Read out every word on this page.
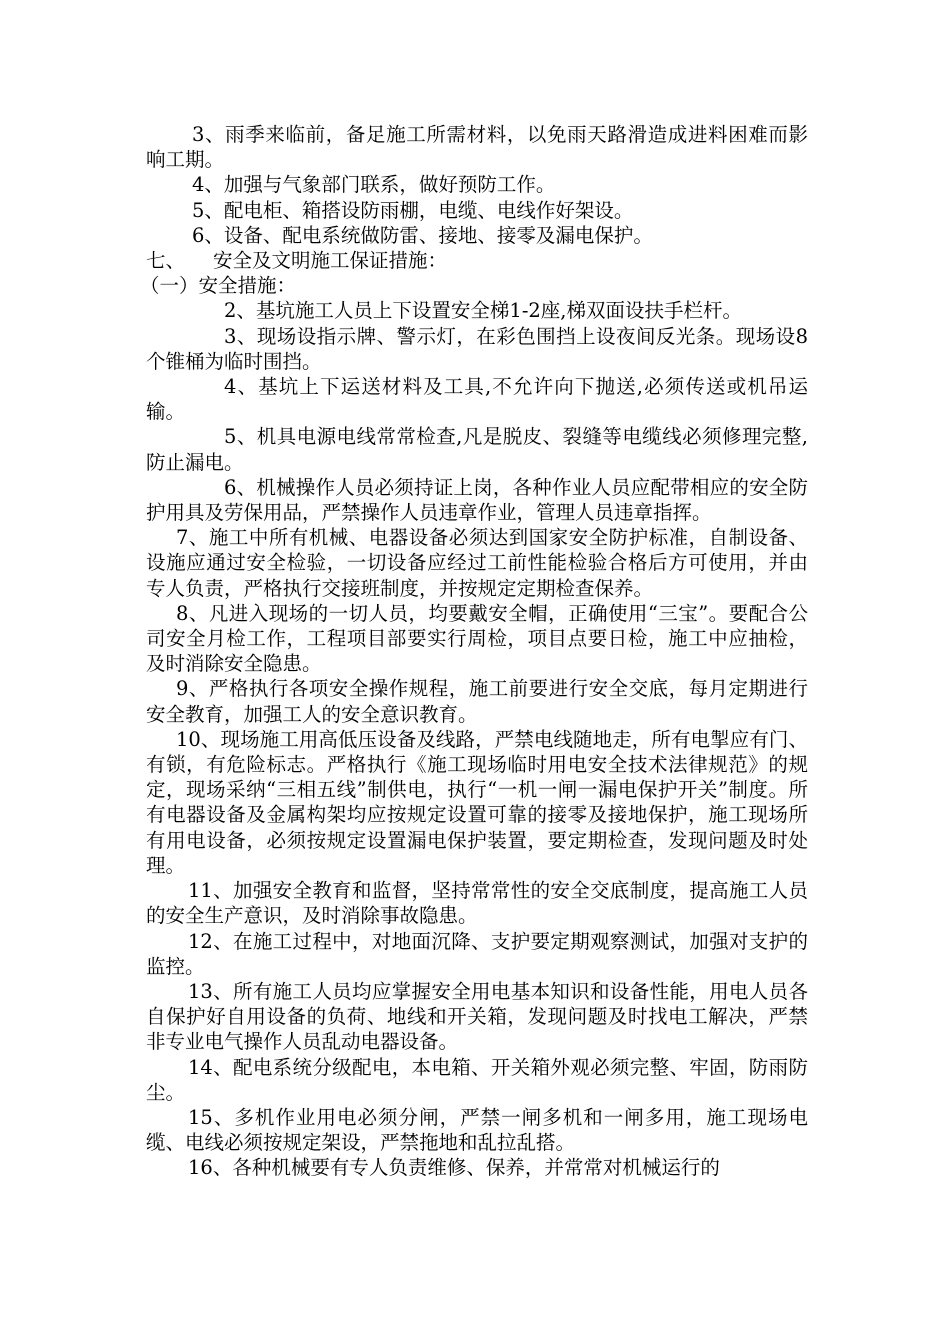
3、雨季来临前，备足施工所需材料，以免雨天路滑造成进料困难而影响工期。

4、加强与气象部门联系，做好预防工作。

5、配电柜、箱搭设防雨棚，电缆、电线作好架设。

6、设备、配电系统做防雷、接地、接零及漏电保护。

七、	安全及文明施工保证措施：

（一）安全措施：

2、基坑施工人员上下设置安全梯1-2座,梯双面设扶手栏杆。

3、现场设指示牌、警示灯，在彩色围挡上设夜间反光条。现场设8个锥桶为临时围挡。

4、基坑上下运送材料及工具,不允许向下抛送,必须传送或机吊运输。

5、机具电源电线常常检查,凡是脱皮、裂缝等电缆线必须修理完整, 防止漏电。

6、机械操作人员必须持证上岗，各种作业人员应配带相应的安全防护用具及劳保用品，严禁操作人员违章作业，管理人员违章指挥。

7、施工中所有机械、电器设备必须达到国家安全防护标准，自制设备、设施应通过安全检验，一切设备应经过工前性能检验合格后方可使用，并由专人负责，严格执行交接班制度，并按规定定期检查保养。

8、凡进入现场的一切人员，均要戴安全帽，正确使用“三宝”。要配合公司安全月检工作，工程项目部要实行周检，项目点要日检，施工中应抽检，及时消除安全隐患。

9、严格执行各项安全操作规程，施工前要进行安全交底，每月定期进行安全教育，加强工人的安全意识教育。

10、现场施工用高低压设备及线路，严禁电线随地走，所有电掣应有门、有锁，有危险标志。严格执行《施工现场临时用电安全技术法律规范》的规定，现场采纳“三相五线”制供电，执行“一机一闸一漏电保护开关”制度。所有电器设备及金属构架均应按规定设置可靠的接零及接地保护，施工现场所有用电设备，必须按规定设置漏电保护装置，要定期检查，发现问题及时处理。

11、加强安全教育和监督，坚持常常性的安全交底制度，提高施工人员的安全生产意识，及时消除事故隐患。

12、在施工过程中，对地面沉降、支护要定期观察测试，加强对支护的监控。

13、所有施工人员均应掌握安全用电基本知识和设备性能，用电人员各自保护好自用设备的负荷、地线和开关箱，发现问题及时找电工解决，严禁非专业电气操作人员乱动电器设备。

14、配电系统分级配电，本电箱、开关箱外观必须完整、牢固，防雨防尘。

15、多机作业用电必须分闸，严禁一闸多机和一闸多用，施工现场电缆、电线必须按规定架设，严禁拖地和乱拉乱搭。

16、各种机械要有专人负责维修、保养，并常常对机械运行的
